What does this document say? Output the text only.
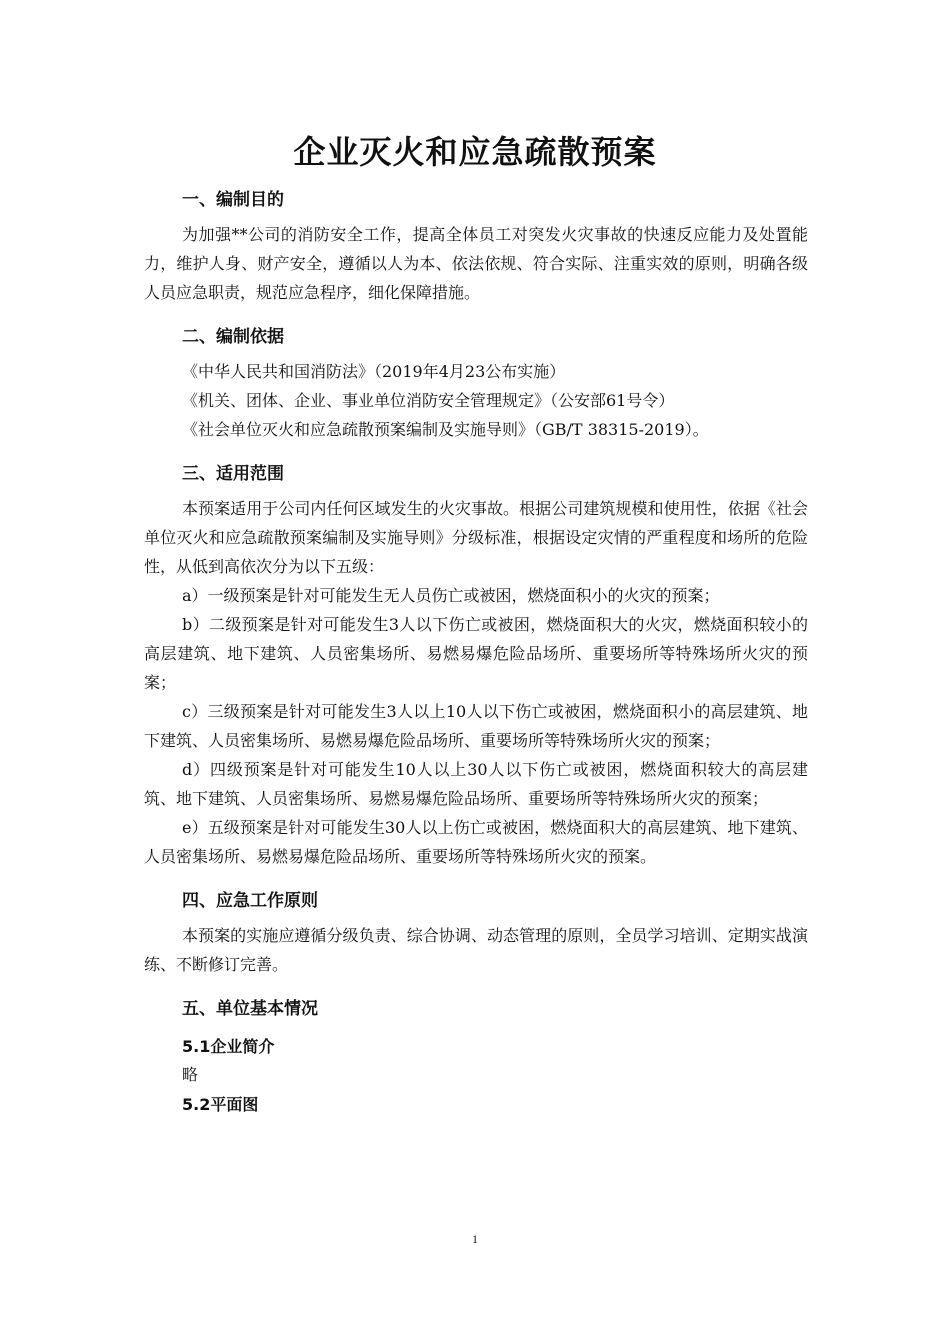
企业灭火和应急疏散预案
一、编制目的

为加强**公司的消防安全工作，提高全体员工对突发火灾事故的快速反应能力及处置能力，维护人身、财产安全，遵循以人为本、依法依规、符合实际、注重实效的原则，明确各级人员应急职责，规范应急程序，细化保障措施。

二、编制依据

《中华人民共和国消防法》（2019年4月23公布实施）

《机关、团体、企业、事业单位消防安全管理规定》（公安部61号令）

《社会单位灭火和应急疏散预案编制及实施导则》（GB/T 38315-2019）。

三、适用范围

本预案适用于公司内任何区域发生的火灾事故。根据公司建筑规模和使用性，依据《社会单位灭火和应急疏散预案编制及实施导则》分级标准，根据设定灾情的严重程度和场所的危险性，从低到高依次分为以下五级：

a）一级预案是针对可能发生无人员伤亡或被困，燃烧面积小的火灾的预案；

b）二级预案是针对可能发生3人以下伤亡或被困，燃烧面积大的火灾，燃烧面积较小的高层建筑、地下建筑、人员密集场所、易燃易爆危险品场所、重要场所等特殊场所火灾的预案；

c）三级预案是针对可能发生3人以上10人以下伤亡或被困，燃烧面积小的高层建筑、地下建筑、人员密集场所、易燃易爆危险品场所、重要场所等特殊场所火灾的预案；

d）四级预案是针对可能发生10人以上30人以下伤亡或被困，燃烧面积较大的高层建筑、地下建筑、人员密集场所、易燃易爆危险品场所、重要场所等特殊场所火灾的预案；

e）五级预案是针对可能发生30人以上伤亡或被困，燃烧面积大的高层建筑、地下建筑、人员密集场所、易燃易爆危险品场所、重要场所等特殊场所火灾的预案。

四、应急工作原则

本预案的实施应遵循分级负责、综合协调、动态管理的原则，全员学习培训、定期实战演练、不断修订完善。

五、单位基本情况
5.1企业简介
略
5.2平面图
1
